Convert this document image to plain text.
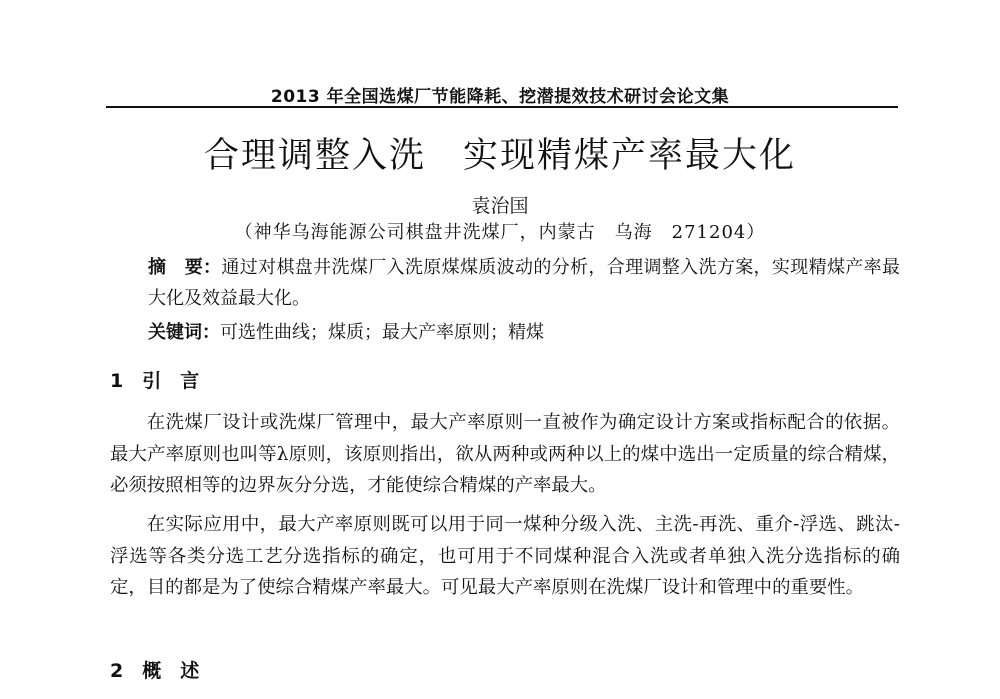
2013 年全国选煤厂节能降耗、挖潜提效技术研讨会论文集
合理调整入洗　实现精煤产率最大化
袁治国
（神华乌海能源公司棋盘井洗煤厂，内蒙古　乌海　271204）
摘　要：通过对棋盘井洗煤厂入洗原煤煤质波动的分析，合理调整入洗方案，实现精煤产率最大化及效益最大化。
关键词：可选性曲线；煤质；最大产率原则；精煤
1　引　言
在洗煤厂设计或洗煤厂管理中，最大产率原则一直被作为确定设计方案或指标配合的依据。最大产率原则也叫等λ原则，该原则指出，欲从两种或两种以上的煤中选出一定质量的综合精煤，必须按照相等的边界灰分分选，才能使综合精煤的产率最大。
在实际应用中，最大产率原则既可以用于同一煤种分级入洗、主洗-再洗、重介-浮选、跳汰-浮选等各类分选工艺分选指标的确定，也可用于不同煤种混合入洗或者单独入洗分选指标的确定，目的都是为了使综合精煤产率最大。可见最大产率原则在洗煤厂设计和管理中的重要性。
2　概　述
